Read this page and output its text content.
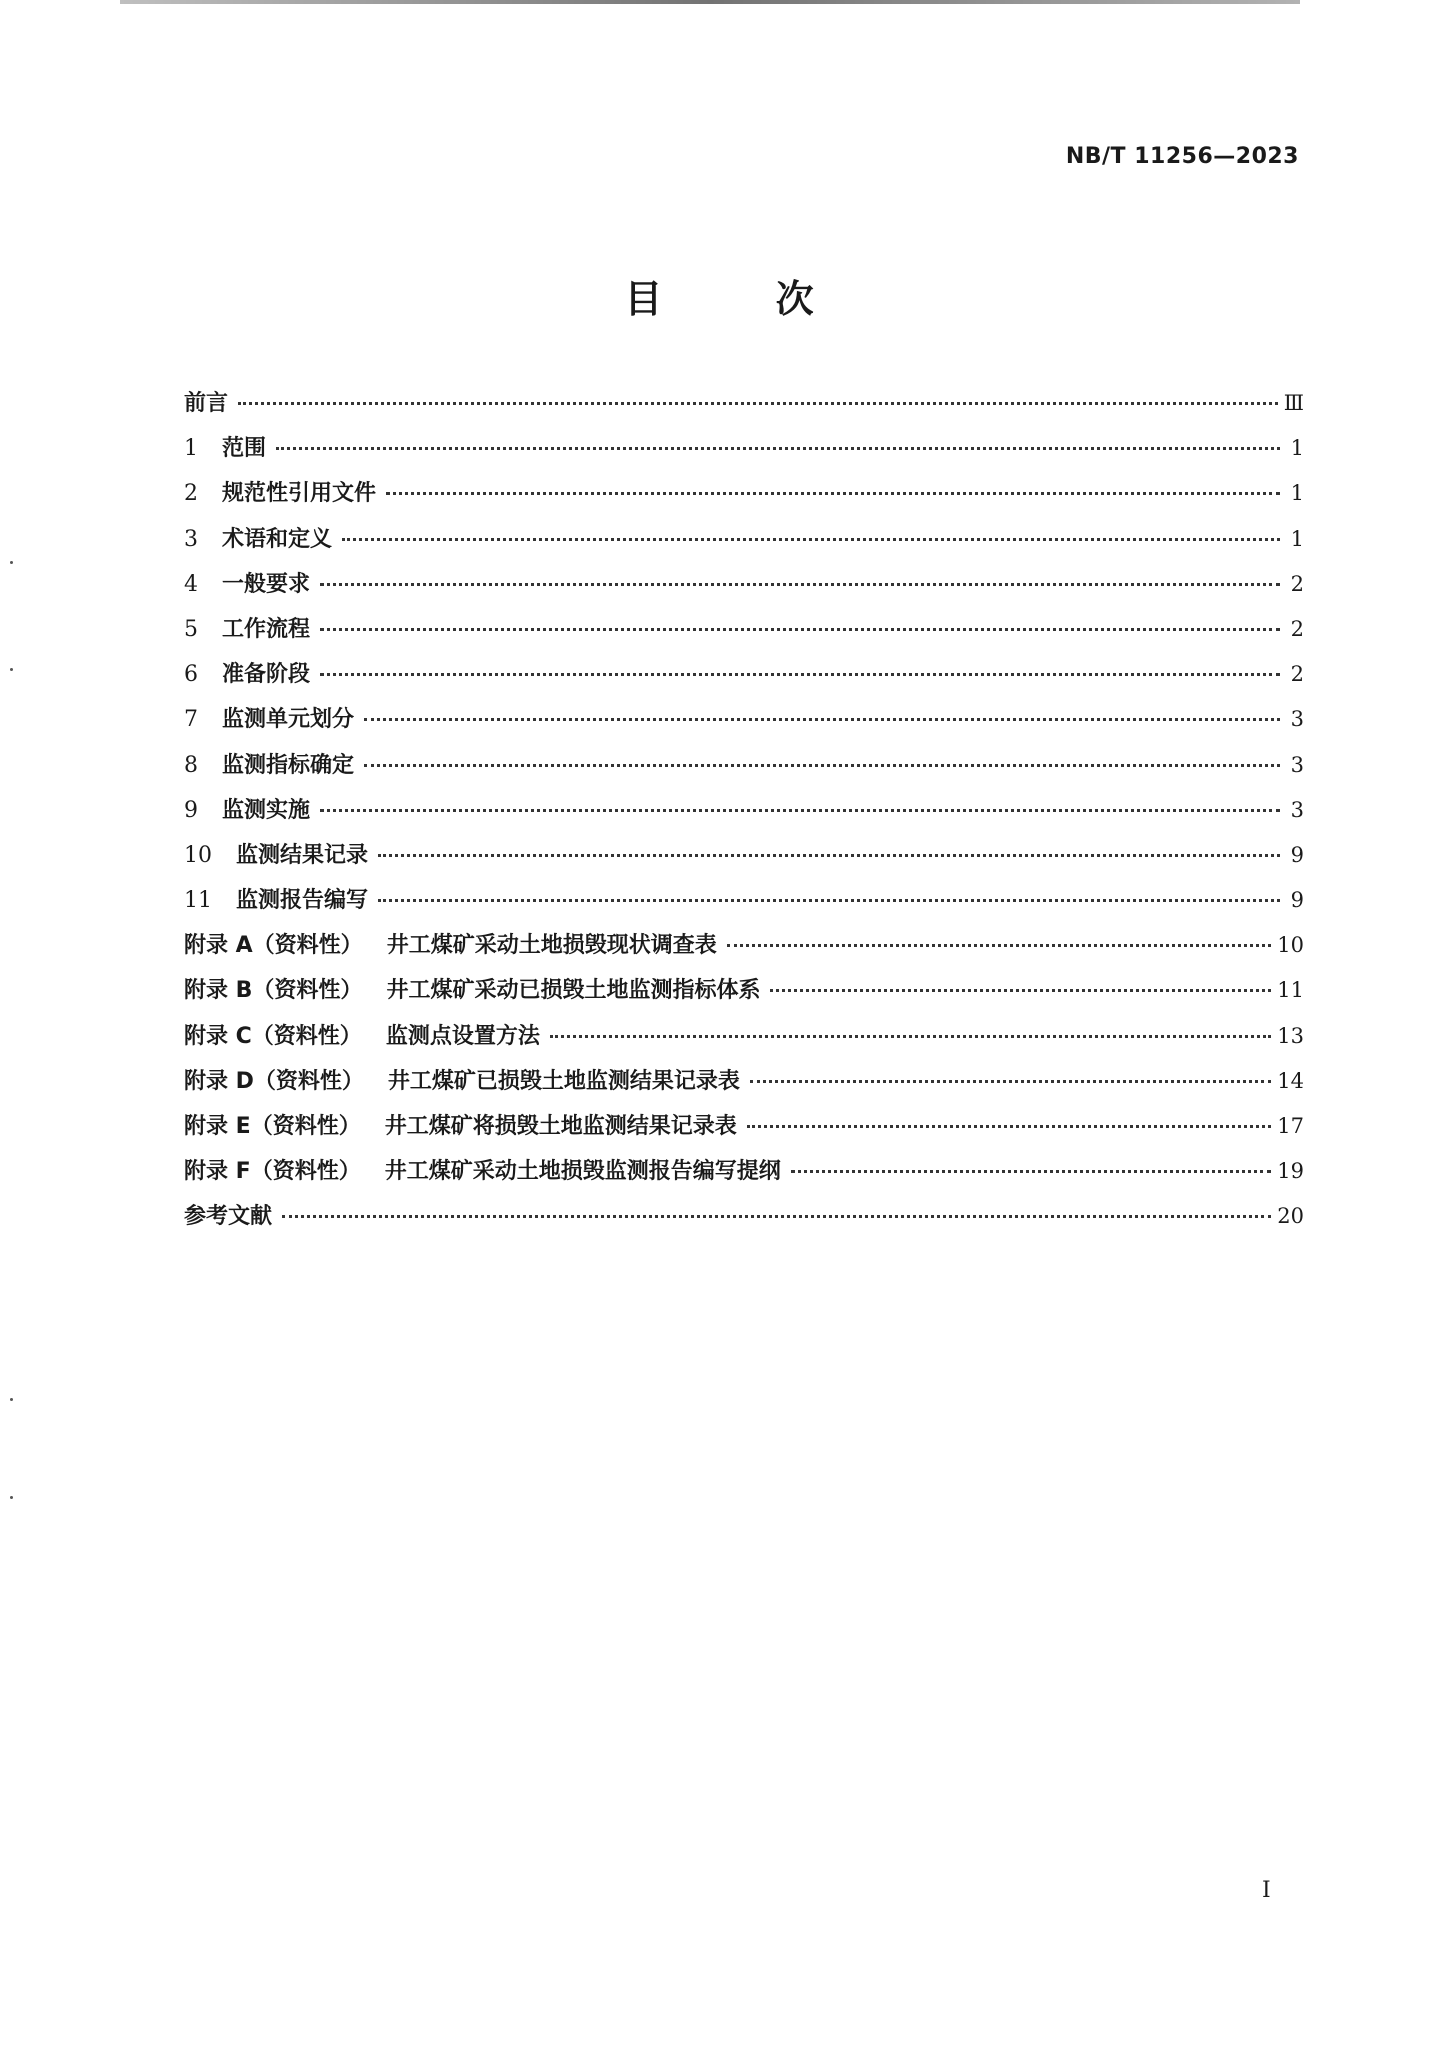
NB/T 11256—2023
目 次
前言	Ⅲ
1	范围	1
2	规范性引用文件	1
3	术语和定义	1
4	一般要求	2
5	工作流程	2
6	准备阶段	2
7	监测单元划分	3
8	监测指标确定	3
9	监测实施	3
10	监测结果记录	9
11	监测报告编写	9
附录 A（资料性） 井工煤矿采动土地损毁现状调查表	10
附录 B（资料性） 井工煤矿采动已损毁土地监测指标体系	11
附录 C（资料性） 监测点设置方法	13
附录 D（资料性） 井工煤矿已损毁土地监测结果记录表	14
附录 E（资料性） 井工煤矿将损毁土地监测结果记录表	17
附录 F（资料性） 井工煤矿采动土地损毁监测报告编写提纲	19
参考文献	20
I
